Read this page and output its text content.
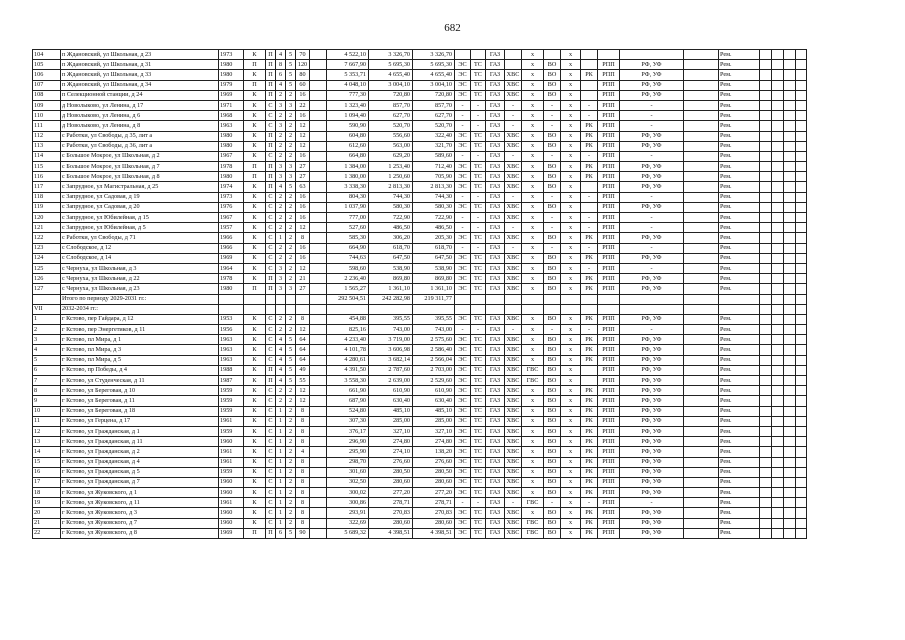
682
104	п Ждановский, ул Школьная, д 23	1973	К	П	4	5	70		4 522,10	3 326,70	3 326,70			ГАЗ		х		х					Рем.				
105	п Ждановский, ул Школьная, д 31	1980	П	П	8	5	120		7 667,90	5 695,30	5 695,30	ЭС	ТС	ГАЗ		х	ВО	х		РПП	РФ, УФ		Рем.				
106	п Ждановский, ул Школьная, д 33	1980	К	П	6	5	80		5 353,71	4 655,40	4 655,40	ЭС	ТС	ГАЗ	ХВС	х	ВО	х	РК	РПП	РФ, УФ		Рем.				
107	п Ждановский, ул Школьная, д 34	1979	П	П	4	5	60		4 048,10	3 004,10	3 004,10	ЭС	ТС	ГАЗ	ХВС	х	ВО	х		РПП	РФ, УФ		Рем.				
108	п Селекционной станции, д 24	1969	К	П	2	2	16		777,30	720,80	720,80	ЭС	ТС	ГАЗ	ХВС	х	ВО	х		РПП	РФ, УФ		Рем.				
109	д Новолыково, ул Ленина, д 17	1971	К	С	3	3	22		1 323,40	857,70	857,70	-	-	ГАЗ	-	х	-	х	-	РПП	-		Рем.				
110	д Новолыково, ул Ленина, д 6	1968	К	С	2	2	16		1 094,40	627,70	627,70	-	-	ГАЗ	-	х	-	х	-	РПП	-		Рем.				
111	д Новолыково, ул Ленина, д 8	1963	К	С	3	2	12		590,90	520,70	520,70	-	-	ГАЗ	-	х	-	х	РК	РПП	-		Рем.				
112	с Работки, ул Свободы, д 35, лит а	1980	К	П	2	2	12		604,80	556,60	322,40	ЭС	ТС	ГАЗ	ХВС	х	ВО	х	РК	РПП	РФ, УФ		Рем.				
113	с Работки, ул Свободы, д 36, лит а	1980	К	П	2	2	12		612,60	563,00	321,70	ЭС	ТС	ГАЗ	ХВС	х	ВО	х	РК	РПП	РФ, УФ		Рем.				
114	с Большое Мокрое, ул Школьная, д 2	1967	К	С	2	2	16		664,80	629,20	589,60	-	-	ГАЗ	-	х	-	х	-	РПП	-		Рем.				
115	с Большое Мокрое, ул Школьная, д 7	1978	П	П	3	3	27		1 384,00	1 253,40	712,40	ЭС	ТС	ГАЗ	ХВС	х	ВО	х	РК	РПП	РФ, УФ		Рем.				
116	с Большое Мокрое, ул Школьная, д 8	1980	П	П	3	3	27		1 380,00	1 250,60	705,90	ЭС	ТС	ГАЗ	ХВС	х	ВО	х	РК	РПП	РФ, УФ		Рем.				
117	с Запрудное, ул Магистральная, д 25	1974	К	П	4	5	63		3 338,30	2 813,30	2 813,30	ЭС	ТС	ГАЗ	ХВС	х	ВО	х		РПП	РФ, УФ		Рем.				
118	с Запрудное, ул Садовая, д 19	1973	К	С	2	2	16		804,30	744,30	744,30	-	-	ГАЗ	-	х	-	х	-	РПП	-		Рем.				
119	с Запрудное, ул Садовая, д 20	1976	К	С	2	2	16		1 037,90	580,30	580,30	ЭС	ТС	ГАЗ	ХВС	х	ВО	х		РПП	РФ, УФ		Рем.				
120	с Запрудное, ул Юбилейная, д 15	1967	К	С	2	2	16		777,00	722,90	722,90	-	-	ГАЗ	ХВС	х	-	х	-	РПП	-		Рем.				
121	с Запрудное, ул Юбилейная, д 5	1957	К	С	2	2	12		527,60	486,50	486,50	-	-	ГАЗ	-	х	-	х	-	РПП	-		Рем.				
122	с Работки, ул Свободы, д 71	1966	К	С	1	2	8		585,30	306,20	205,30	ЭС	ТС	ГАЗ	ХВС	х	ВО	х	РК	РПП	РФ, УФ		Рем.				
123	с Слободское, д 12	1966	К	С	2	2	16		664,90	618,70	618,70	-	-	ГАЗ	-	х	-	х	-	РПП	-		Рем.				
124	с Слободское, д 14	1969	К	С	2	2	16		744,63	647,50	647,50	ЭС	ТС	ГАЗ	ХВС	х	ВО	х	РК	РПП	РФ, УФ		Рем.				
125	с Чернуха, ул Школьная, д 3	1964	К	С	3	2	12		598,60	538,90	538,90	ЭС	ТС	ГАЗ	ХВС	х	ВО	х	-	РПП	-		Рем.				
126	с Чернуха, ул Школьная, д 22	1978	К	П	3	2	21		2 236,40	869,80	869,80	ЭС	ТС	ГАЗ	ХВС	х	ВО	х	РК	РПП	РФ, УФ		Рем.				
127	с Чернуха, ул Школьная, д 23	1980	П	П	3	3	27		1 565,27	1 361,10	1 361,10	ЭС	ТС	ГАЗ	ХВС	х	ВО	х	РК	РПП	РФ, УФ		Рем.				
	Итого по периоду 2029-2031 гг.:								292 504,51	242 282,98	219 311,77																
VII	2032-2034 гг.:																										
1	г Кстово, пер Гайдара, д 12	1953	К	С	2	2	8		454,88	395,55	395,55	ЭС	ТС	ГАЗ	ХВС	х	ВО	х	РК	РПП	РФ, УФ		Рем.				
2	г Кстово, пер Энергетиков, д 11	1956	К	С	2	2	12		825,16	743,00	743,00	-	-	ГАЗ	-	х	-	х	-	РПП	-		Рем.				
3	г Кстово, пл Мира, д 1	1963	К	С	4	5	64		4 233,40	3 719,00	2 575,60	ЭС	ТС	ГАЗ	ХВС	х	ВО	х	РК	РПП	РФ, УФ		Рем.				
4	г Кстово, пл Мира, д 3	1963	К	С	4	5	64		4 101,78	3 606,98	2 586,40	ЭС	ТС	ГАЗ	ХВС	х	ВО	х	РК	РПП	РФ, УФ		Рем.				
5	г Кстово, пл Мира, д 5	1963	К	С	4	5	64		4 280,61	3 682,14	2 566,04	ЭС	ТС	ГАЗ	ХВС	х	ВО	х	РК	РПП	РФ, УФ		Рем.				
6	г Кстово, пр Победы, д 4	1988	К	П	4	5	49		4 391,50	2 787,60	2 703,00	ЭС	ТС	ГАЗ	ХВС	ГВС	ВО	х		РПП	РФ, УФ		Рем.				
7	г Кстово, ул Студенческая, д 11	1987	К	П	4	5	55		3 558,30	2 639,00	2 529,60	ЭС	ТС	ГАЗ	ХВС	ГВС	ВО	х		РПП	РФ, УФ		Рем.				
8	г Кстово, ул Береговая, д 10	1959	К	С	2	2	12		661,90	610,90	610,90	ЭС	ТС	ГАЗ	ХВС	х	ВО	х	РК	РПП	РФ, УФ		Рем.				
9	г Кстово, ул Береговая, д 11	1959	К	С	2	2	12		687,90	630,40	630,40	ЭС	ТС	ГАЗ	ХВС	х	ВО	х	РК	РПП	РФ, УФ		Рем.				
10	г Кстово, ул Береговая, д 18	1959	К	С	1	2	8		524,80	485,10	485,10	ЭС	ТС	ГАЗ	ХВС	х	ВО	х	РК	РПП	РФ, УФ		Рем.				
11	г Кстово, ул Герцена, д 17	1961	К	С	1	2	8		307,30	285,00	285,00	ЭС	ТС	ГАЗ	ХВС	х	ВО	х	РК	РПП	РФ, УФ		Рем.				
12	г Кстово, ул Гражданская, д 1	1959	К	С	1	2	8		376,17	327,10	327,10	ЭС	ТС	ГАЗ	ХВС	х	ВО	х	РК	РПП	РФ, УФ		Рем.				
13	г Кстово, ул Гражданская, д 11	1960	К	С	1	2	8		296,90	274,80	274,80	ЭС	ТС	ГАЗ	ХВС	х	ВО	х	РК	РПП	РФ, УФ		Рем.				
14	г Кстово, ул Гражданская, д 2	1961	К	С	1	2	4		295,90	274,10	138,20	ЭС	ТС	ГАЗ	ХВС	х	ВО	х	РК	РПП	РФ, УФ		Рем.				
15	г Кстово, ул Гражданская, д 4	1961	К	С	1	2	8		298,70	276,60	276,60	ЭС	ТС	ГАЗ	ХВС	х	ВО	х	РК	РПП	РФ, УФ		Рем.				
16	г Кстово, ул Гражданская, д 5	1959	К	С	1	2	8		301,60	280,50	280,50	ЭС	ТС	ГАЗ	ХВС	х	ВО	х	РК	РПП	РФ, УФ		Рем.				
17	г Кстово, ул Гражданская, д 7	1960	К	С	1	2	8		302,50	280,60	280,60	ЭС	ТС	ГАЗ	ХВС	х	ВО	х	РК	РПП	РФ, УФ		Рем.				
18	г Кстово, ул Жуковского, д 1	1960	К	С	1	2	8		300,02	277,20	277,20	ЭС	ТС	ГАЗ	ХВС	х	ВО	х	РК	РПП	РФ, УФ		Рем.				
19	г Кстово, ул Жуковского, д 11	1961	К	С	1	2	8		300,86	278,71	278,71	-	-	ГАЗ	-	ГВС	-	х	-	РПП	-		Рем.				
20	г Кстово, ул Жуковского, д 3	1960	К	С	1	2	8		293,91	270,83	270,83	ЭС	ТС	ГАЗ	ХВС	х	ВО	х	РК	РПП	РФ, УФ		Рем.				
21	г Кстово, ул Жуковского, д 7	1960	К	С	1	2	8		322,69	280,60	280,60	ЭС	ТС	ГАЗ	ХВС	ГВС	ВО	х	РК	РПП	РФ, УФ		Рем.				
22	г Кстово, ул Жуковского, д 8	1969	П	П	6	5	90		5 689,32	4 398,51	4 398,51	ЭС	ТС	ГАЗ	ХВС	ГВС	ВО	х	РК	РПП	РФ, УФ		Рем.				
